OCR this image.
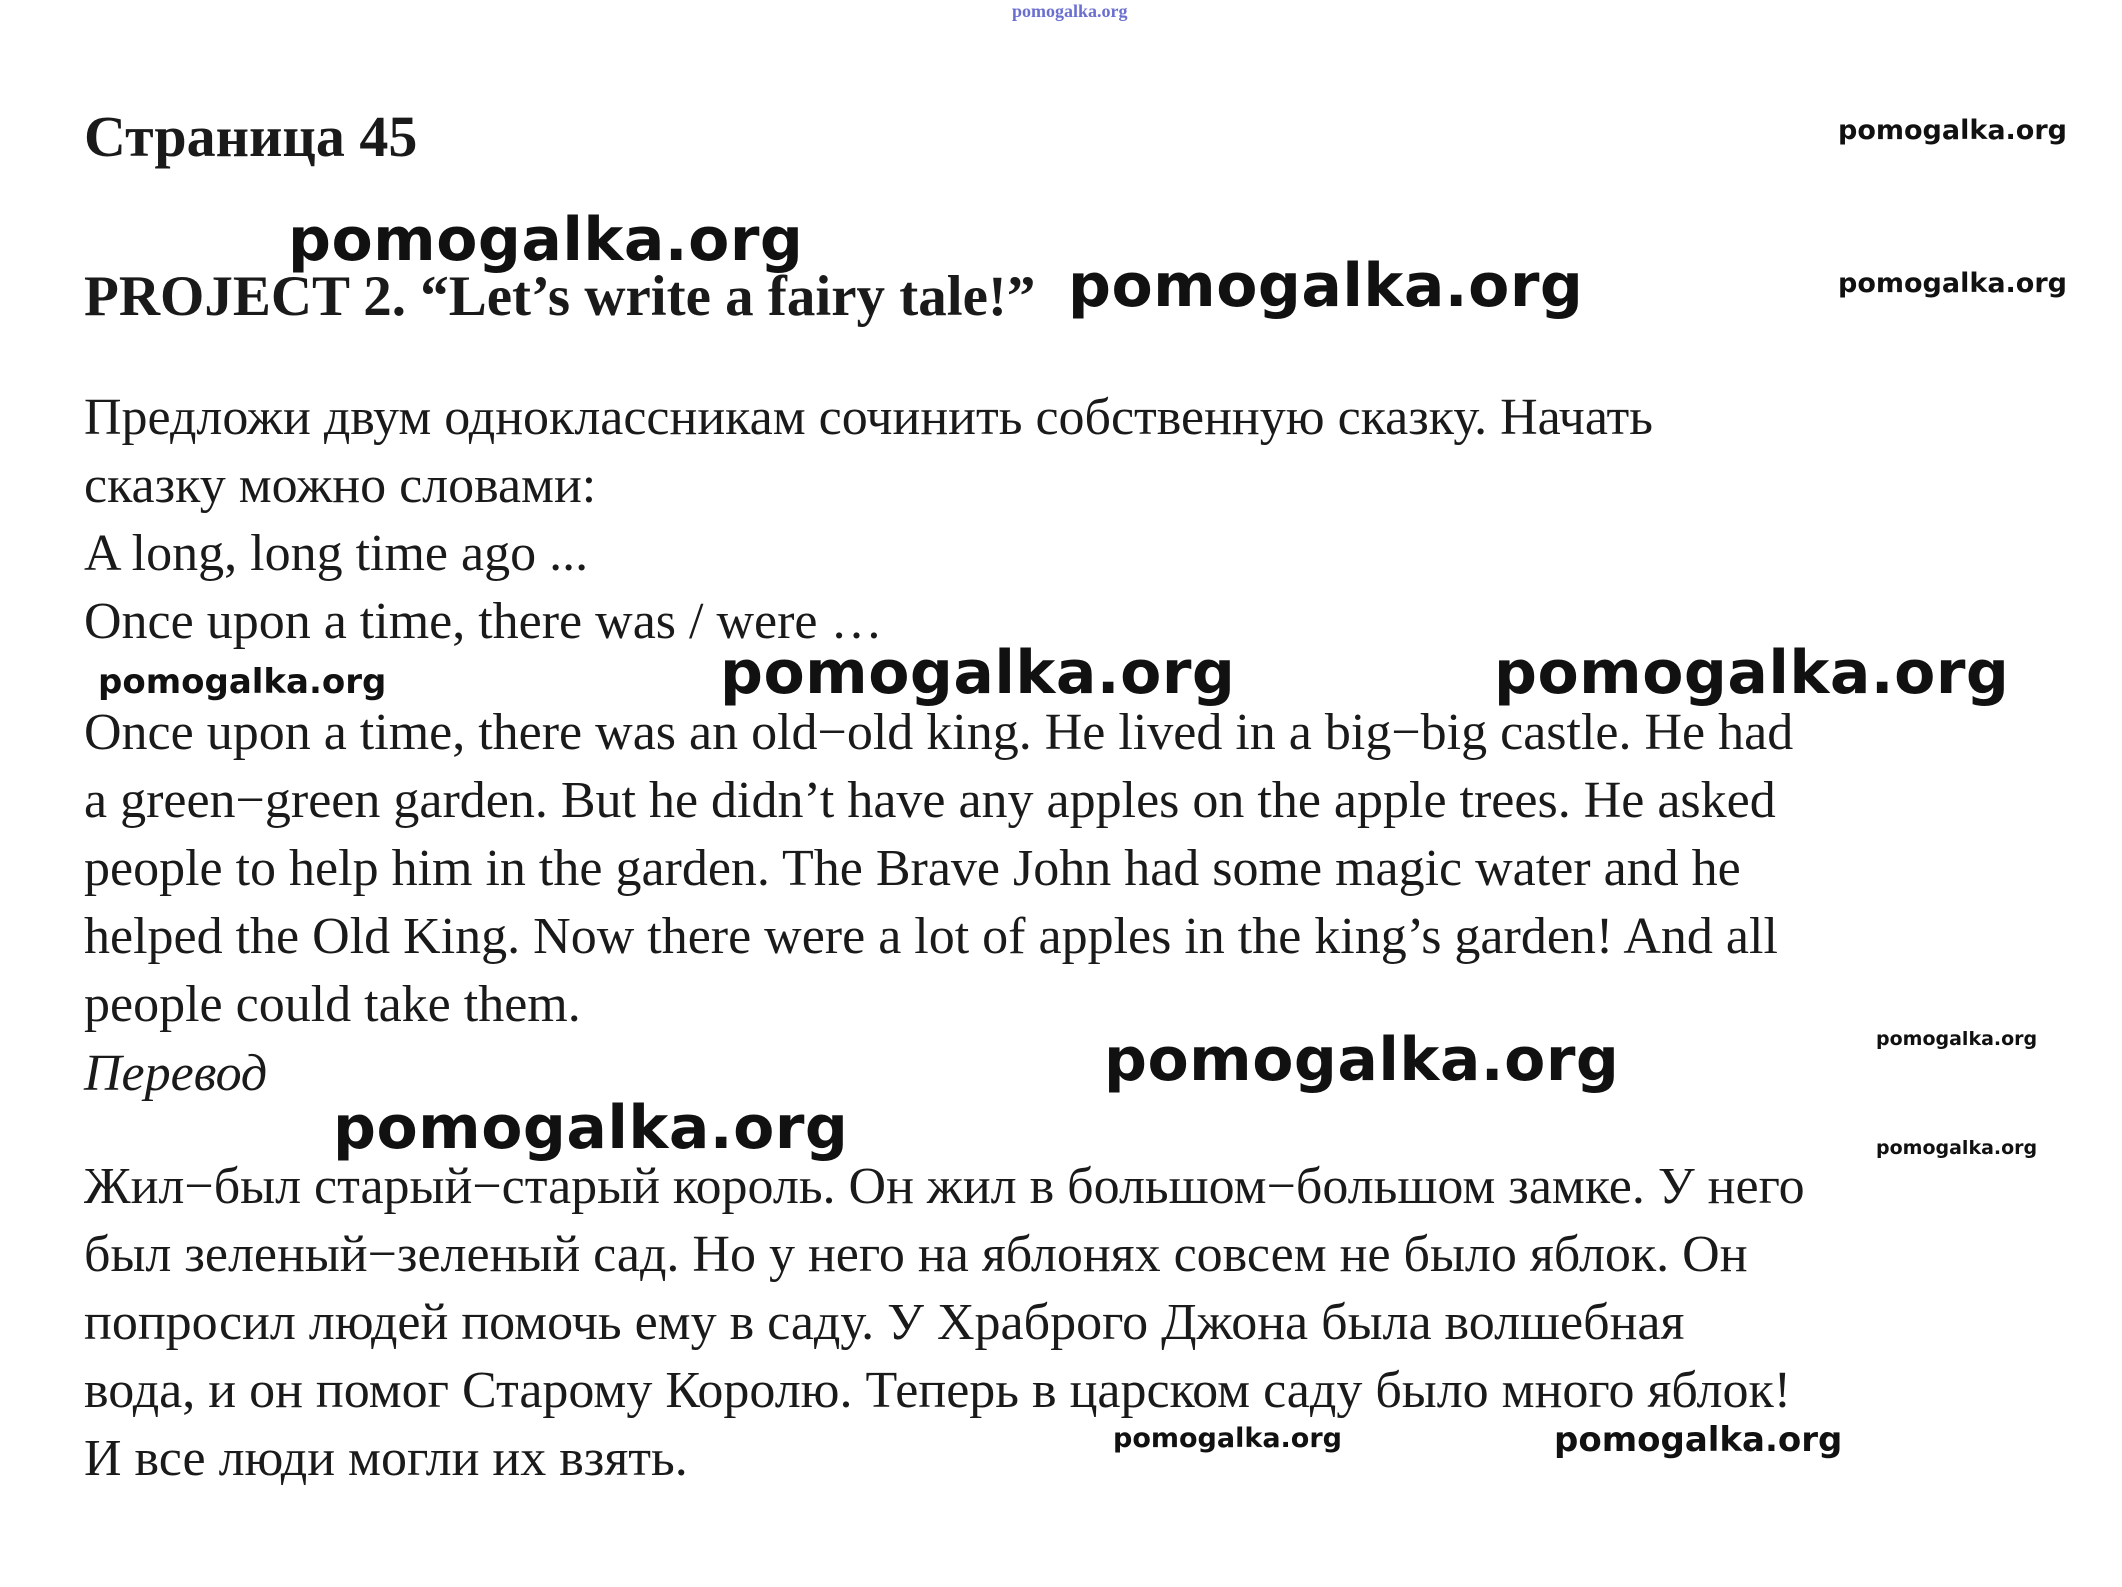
pomogalka.org
pomogalka.org
pomogalka.org
pomogalka.org	pomogalka.org
pomogalka.org	pomogalka.org	pomogalka.org
pomogalka.org
pomogalka.org
pomogalka.org	pomogalka.org
pomogalka.org	pomogalka.org
Страница 45
PROJECT 2. “Let’s write a fairy tale!”
Предложи двум одноклассникам сочинить собственную сказку. Начать
сказку можно словами:
A long, long time ago ...
Once upon a time, there was / were …
Once upon a time, there was an old−old king. He lived in a big−big castle. He had
a green−green garden. But he didn’t have any apples on the apple trees. He asked
people to help him in the garden. The Brave John had some magic water and he
helped the Old King. Now there were a lot of apples in the king’s garden! And all
people could take them.
Перевод
Жил−был старый−старый король. Он жил в большом−большом замке. У него
был зеленый−зеленый сад. Но у него на яблонях совсем не было яблок. Он
попросил людей помочь ему в саду. У Храброго Джона была волшебная
вода, и он помог Старому Королю. Теперь в царском саду было много яблок!
И все люди могли их взять.
